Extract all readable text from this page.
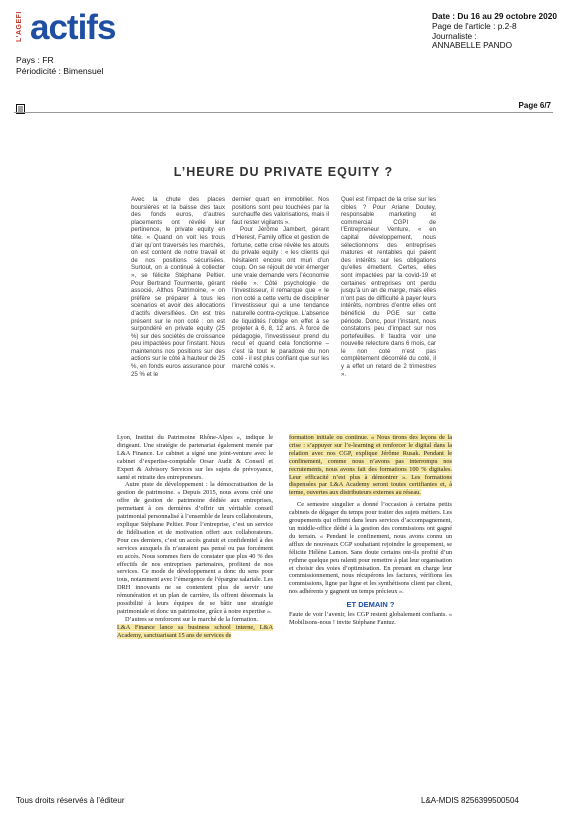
L'AGEFI actifs
Pays : FR
Périodicité : Bimensuel
Date : Du 16 au 29 octobre 2020
Page de l'article : p.2-8
Journaliste :
ANNABELLE PANDO
Page 6/7
L’HEURE DU PRIVATE EQUITY ?

Avec la chute des places boursières et la baisse des taux des fonds euros, d’autres placements ont révélé leur pertinence, le private equity en tête. « Quand on voit les trous d’air qu’ont traversés les marchés, on est content de notre travail et de nos positions sécurisées. Surtout, on a continué à collecter », se félicite Stéphane Peltier. Pour Bertrand Tourmente, gérant associé, Althos Patrimoine, « on préfère se préparer à tous les scenarios et avoir des allocations d’actifs diversifiées. On est très présent sur le non coté : on est surpondéré en private equity (25 %) sur des sociétés de croissance peu impactées pour l’instant. Nous maintenons nos positions sur des actions sur le côté à hauteur de 25 %, en fonds euros assurance pour 25 % et le

dernier quart en immobilier. Nos positions sont peu touchées par la surchauffe des valorisations, mais il faut rester vigilants ».

Pour Jérôme Jambert, gérant d’Herest, Family office et gestion de fortune, cette crise révèle les atouts du private equity : « les clients qui hésitaient encore ont muri d’un coup. On se réjouit de voir émerger une vraie demande vers l’économie réelle ». Côté psychologie de l’investisseur, il remarque que « le non coté a cette vertu de discipliner l’investisseur qui a une tendance naturelle contra-cyclique. L’absence de liquidités l’oblige en effet à se projeter à 6, 8, 12 ans. À force de pédagogie, l’investisseur prend du recul et quand cela fonctionne – c’est là tout le paradoxe du non coté - il est plus confiant que sur les marché cotés ».

Quel est l’impact de la crise sur les cibles ? Pour Ariane Doutey, responsable marketing et commercial CGPI de l’Entrepreneur Venture, « en capital développement, nous sélectionnons des entreprises matures et rentables qui paient des intérêts sur les obligations qu’elles émettent. Certes, elles sont impactées par la covid-19 et certaines entreprises ont perdu jusqu’à un an de marge, mais elles n’ont pas de difficulté à payer leurs intérêts, nombres d’entre elles ont bénéficié du PGE sur cette période. Donc, pour l’instant, nous constatons peu d’impact sur nos portefeuilles. Il faudra voir une nouvelle relecture dans 6 mois, car le non coté n’est pas complètement décorrélé du coté, il y a effet un retard de 2 trimestres ».

Lyon, Institut du Patrimoine Rhône-Alpes », indique le dirigeant. Une stratégie de partenariat également menée par L&A Finance. Le cabinet a signé une joint-venture avec le cabinet d’expertise-comptable Orsar Audit & Conseil et Expert & Advisory Services sur les sujets de prévoyance, santé et retraite des entrepreneurs.

Autre piste de développement : la démocratisation de la gestion de patrimoine. « Depuis 2015, nous avons créé une offre de gestion de patrimoine dédiée aux entreprises, permettant à ces dernières d’offrir un véritable conseil patrimonial personnalisé à l’ensemble de leurs collaborateurs, explique Stéphane Peltier. Pour l’entreprise, c’est un service de fidélisation et de motivation offert aux collaborateurs. Pour ces derniers, c’est un accès gratuit et confidentiel à des services auxquels ils n’auraient pas pensé ou pas forcément eu accès. Nous sommes fiers de constater que plus 40 % des effectifs de nos entreprises partenaires, profitent de nos services. Ce mode de développement a donc du sens pour tous, notamment avec l’émergence de l’épargne salariale. Les DRH innovants ne se contentent plus de servir une rémunération et un plan de carrière, ils offrent désormais la possibilité à leurs équipes de se bâtir une stratégie patrimoniale et donc un patrimoine, grâce à notre expertise ».

D’autres se renforcent sur le marché de la formation.

L&A Finance lance sa business school interne, L&A Academy, sanctuarisant 15 ans de services de

formation initiale ou continue. « Nous tirons des leçons de la crise : s’appuyer sur l’e-learning et renforcer le digital dans la relation avec nos CGP, explique Jérôme Rusak. Pendant le confinement, comme nous n’avons pas interrompu nos recrutements, nous avons fait des formations 100 % digitales. Leur efficacité n’est plus à démontrer ». Les formations dispensées par L&A Academy seront toutes certifiantes et, à terme, ouvertes aux distributeurs externes au réseau.

Ce semestre singulier a donné l’occasion à certains petits cabinets de dégager du temps pour traiter des sujets métiers. Les groupements qui offrent dans leurs services d’accompagnement, un middle-office dédié à la gestion des commissions ont gagné du terrain. « Pendant le confinement, nous avons connu un afflux de nouveaux CGP souhaitant rejoindre le groupement, se félicite Hélène Lamon. Sans doute certains ont-ils profité d’un rythme quelque peu ralenti pour remettre à plat leur organisation et choisir des voies d’optimisation. En prenant en charge leur commissionnement, nous récupérons les factures, vérifions les commissions, ligne par ligne et les synthétisons client par client, nos adhérents y gagnent un temps précieux ».

ET DEMAIN ?

Faute de voir l’avenir, les CGP restent globalement confiants. « Mobilisons-nous ! invite Stéphane Fantuz.

Tous droits réservés à l’éditeur	L&A-MDIS 8256399500504
